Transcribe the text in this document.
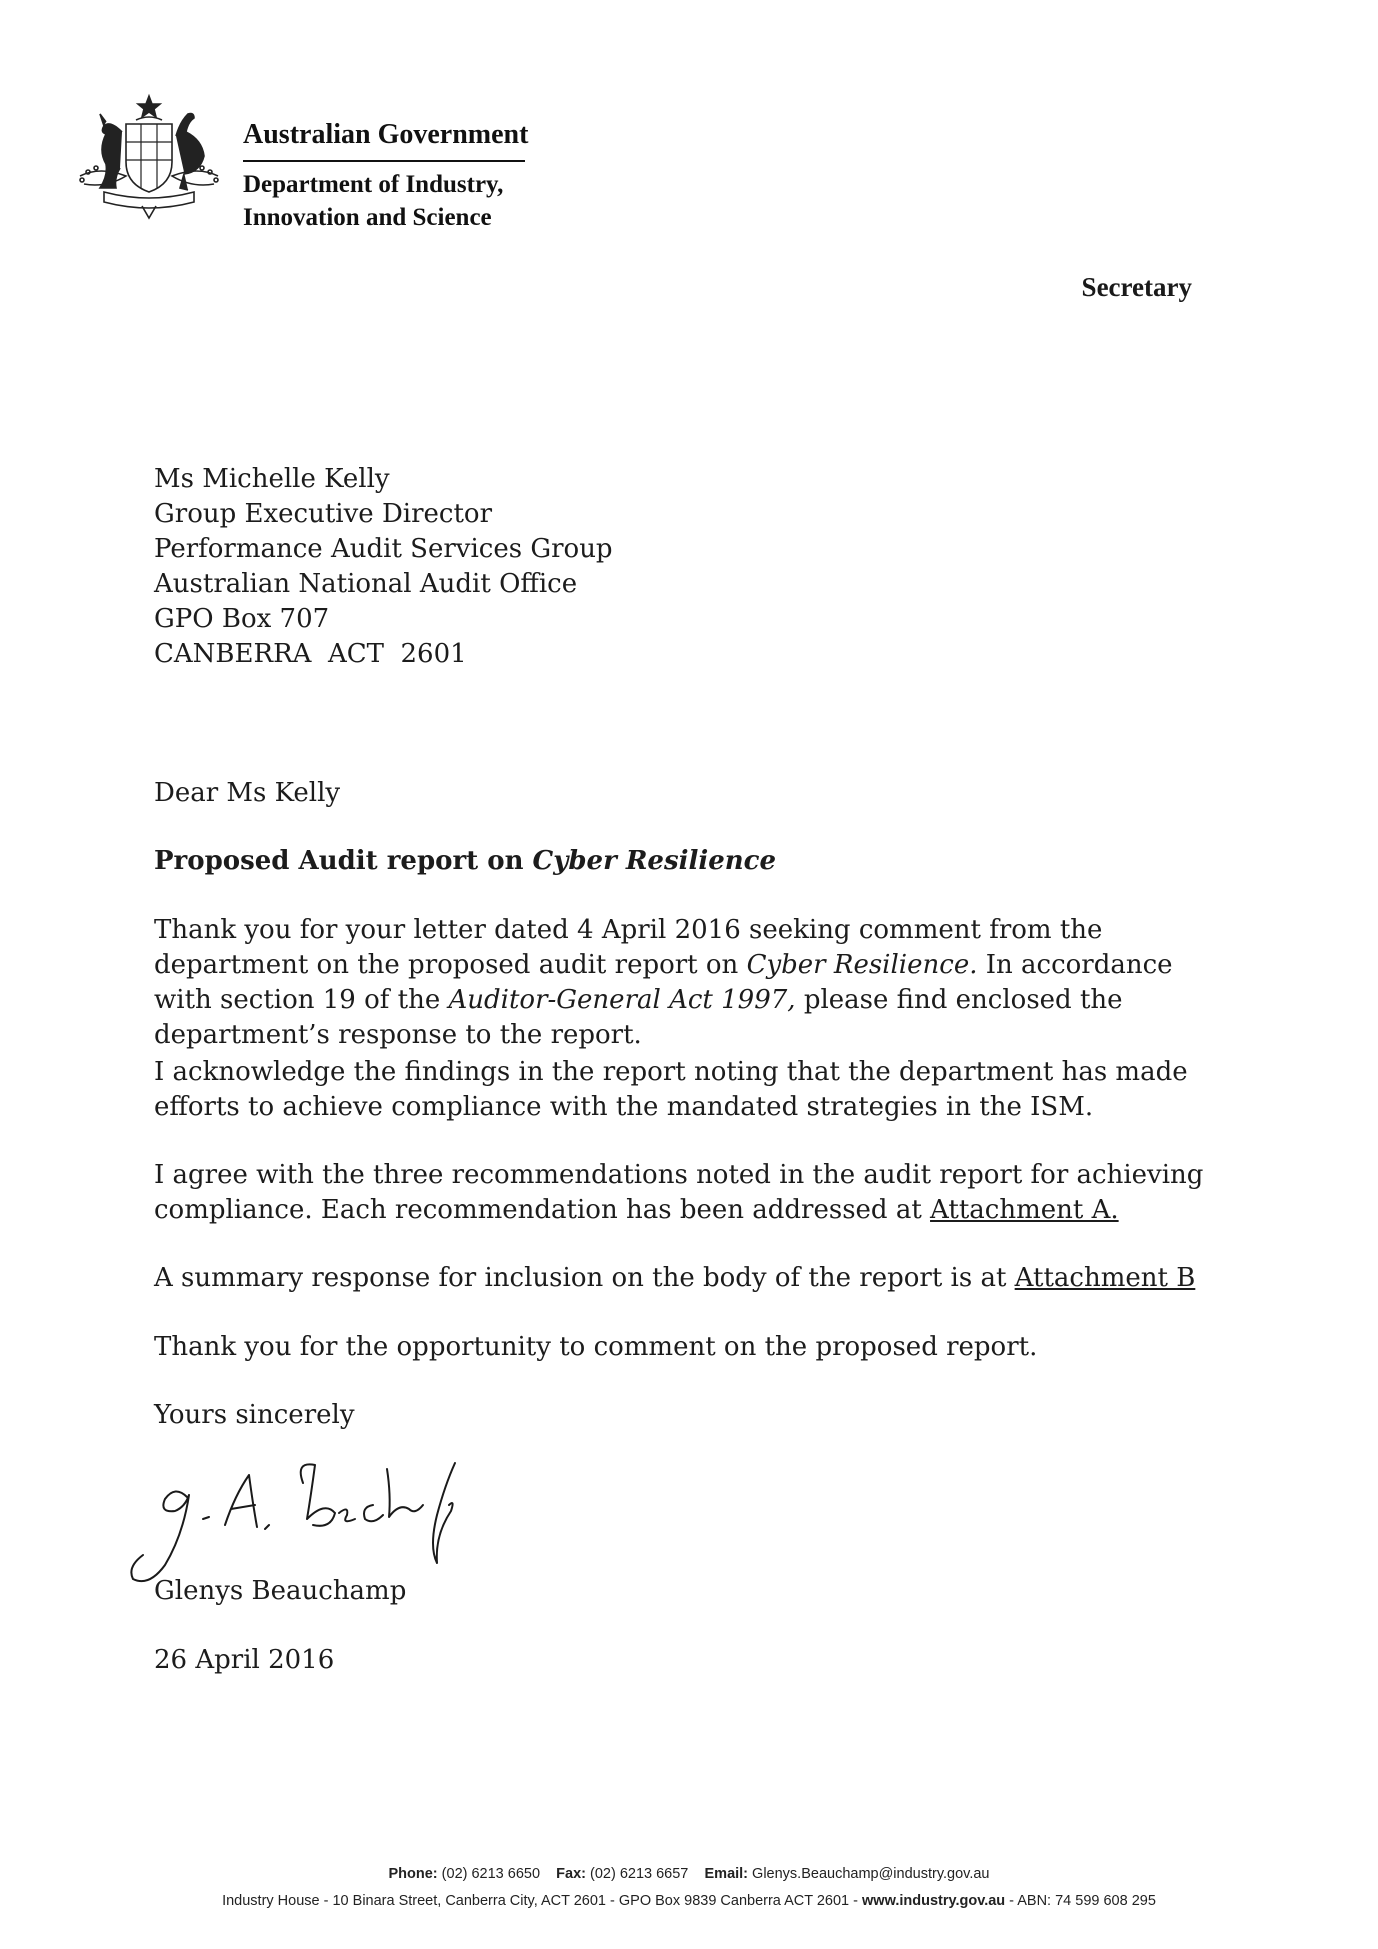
Australian Government
Department of Industry,
Innovation and Science
Secretary
Ms Michelle Kelly
Group Executive Director
Performance Audit Services Group
Australian National Audit Office
GPO Box 707
CANBERRA  ACT  2601
Dear Ms Kelly
Proposed Audit report on Cyber Resilience
Thank you for your letter dated 4 April 2016 seeking comment from the department on the proposed audit report on Cyber Resilience. In accordance with section 19 of the Auditor-General Act 1997, please find enclosed the department’s response to the report.
I acknowledge the findings in the report noting that the department has made efforts to achieve compliance with the mandated strategies in the ISM.
I agree with the three recommendations noted in the audit report for achieving compliance. Each recommendation has been addressed at Attachment A.
A summary response for inclusion on the body of the report is at Attachment B
Thank you for the opportunity to comment on the proposed report.
Yours sincerely
Glenys Beauchamp
26 April 2016
Phone: (02) 6213 6650 Fax: (02) 6213 6657 Email: Glenys.Beauchamp@industry.gov.au
Industry House - 10 Binara Street, Canberra City, ACT 2601 - GPO Box 9839 Canberra ACT 2601 - www.industry.gov.au - ABN: 74 599 608 295
